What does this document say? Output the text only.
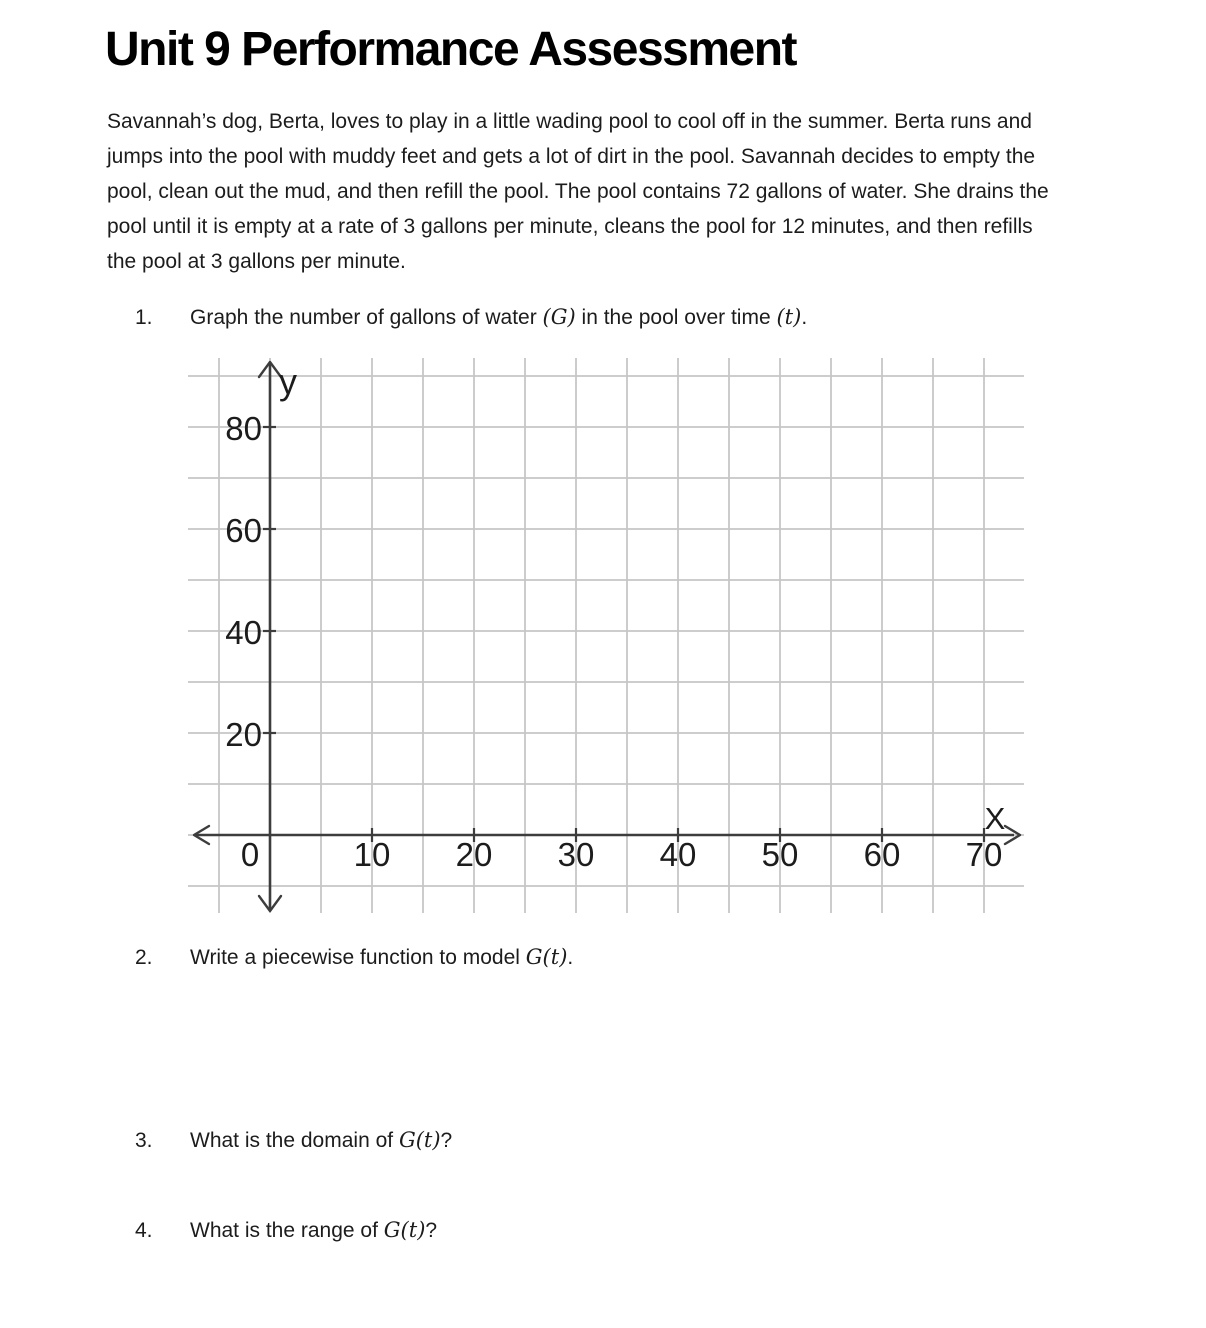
Unit 9 Performance Assessment
Savannah’s dog, Berta, loves to play in a little wading pool to cool off in the summer. Berta runs and
jumps into the pool with muddy feet and gets a lot of dirt in the pool. Savannah decides to empty the
pool, clean out the mud, and then refill the pool. The pool contains 72 gallons of water. She drains the
pool until it is empty at a rate of 3 gallons per minute, cleans the pool for 12 minutes, and then refills
the pool at 3 gallons per minute.
1. Graph the number of gallons of water (G) in the pool over time (t).
0	10 20 30 40 50 60 70
20
40
60
80
y
X
2. Write a piecewise function to model G(t).
3. What is the domain of G(t)?
4. What is the range of G(t)?
